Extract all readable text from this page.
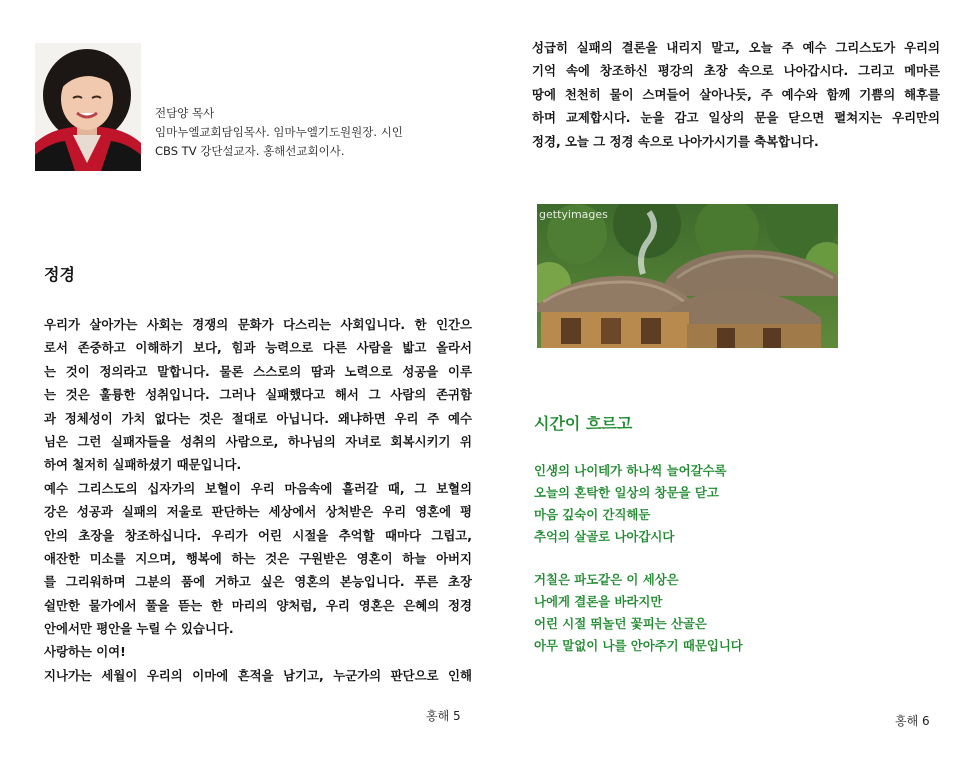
전담양 목사
임마누엘교회담임목사. 임마누엘기도원원장. 시인
CBS TV 강단설교자. 홍해선교회이사.
정경
우리가 살아가는 사회는 경쟁의 문화가 다스리는 사회입니다. 한 인간으
로서 존중하고 이해하기 보다, 힘과 능력으로 다른 사람을 밟고 올라서
는 것이 정의라고 말합니다. 물론 스스로의 땀과 노력으로 성공을 이루
는 것은 훌륭한 성취입니다. 그러나 실패했다고 해서 그 사람의 존귀함
과 정체성이 가치 없다는 것은 절대로 아닙니다. 왜냐하면 우리 주 예수
님은 그런 실패자들을 성취의 사람으로, 하나님의 자녀로 회복시키기 위
하여 철저히 실패하셨기 때문입니다.
예수 그리스도의 십자가의 보혈이 우리 마음속에 흘러갈 때, 그 보혈의
강은 성공과 실패의 저울로 판단하는 세상에서 상처받은 우리 영혼에 평
안의 초장을 창조하십니다. 우리가 어린 시절을 추억할 때마다 그립고,
애잔한 미소를 지으며, 행복에 하는 것은 구원받은 영혼이 하늘 아버지
를 그리워하며 그분의 품에 거하고 싶은 영혼의 본능입니다. 푸른 초장
쉴만한 물가에서 풀을 뜯는 한 마리의 양처럼, 우리 영혼은 은혜의 정경
안에서만 평안을 누릴 수 있습니다.
사랑하는 이여!
지나가는 세월이 우리의 이마에 흔적을 남기고, 누군가의 판단으로 인해
홍해 5
성급히 실패의 결론을 내리지 말고, 오늘 주 예수 그리스도가 우리의
기억 속에 창조하신 평강의 초장 속으로 나아갑시다. 그리고 메마른
땅에 천천히 물이 스며들어 살아나듯, 주 예수와 함께 기쁨의 해후를
하며 교제합시다. 눈을 감고 일상의 문을 닫으면 펼쳐지는 우리만의
정경, 오늘 그 정경 속으로 나아가시기를 축복합니다.
gettyimages
시간이 흐르고
인생의 나이테가 하나씩 늘어갈수록
오늘의 혼탁한 일상의 창문을 닫고
마음 깊숙이 간직해둔
추억의 살골로 나아갑시다
거칠은 파도같은 이 세상은
나에게 결론을 바라지만
어린 시절 뛰놀던 꽃피는 산골은
아무 말없이 나를 안아주기 때문입니다
홍해 6
